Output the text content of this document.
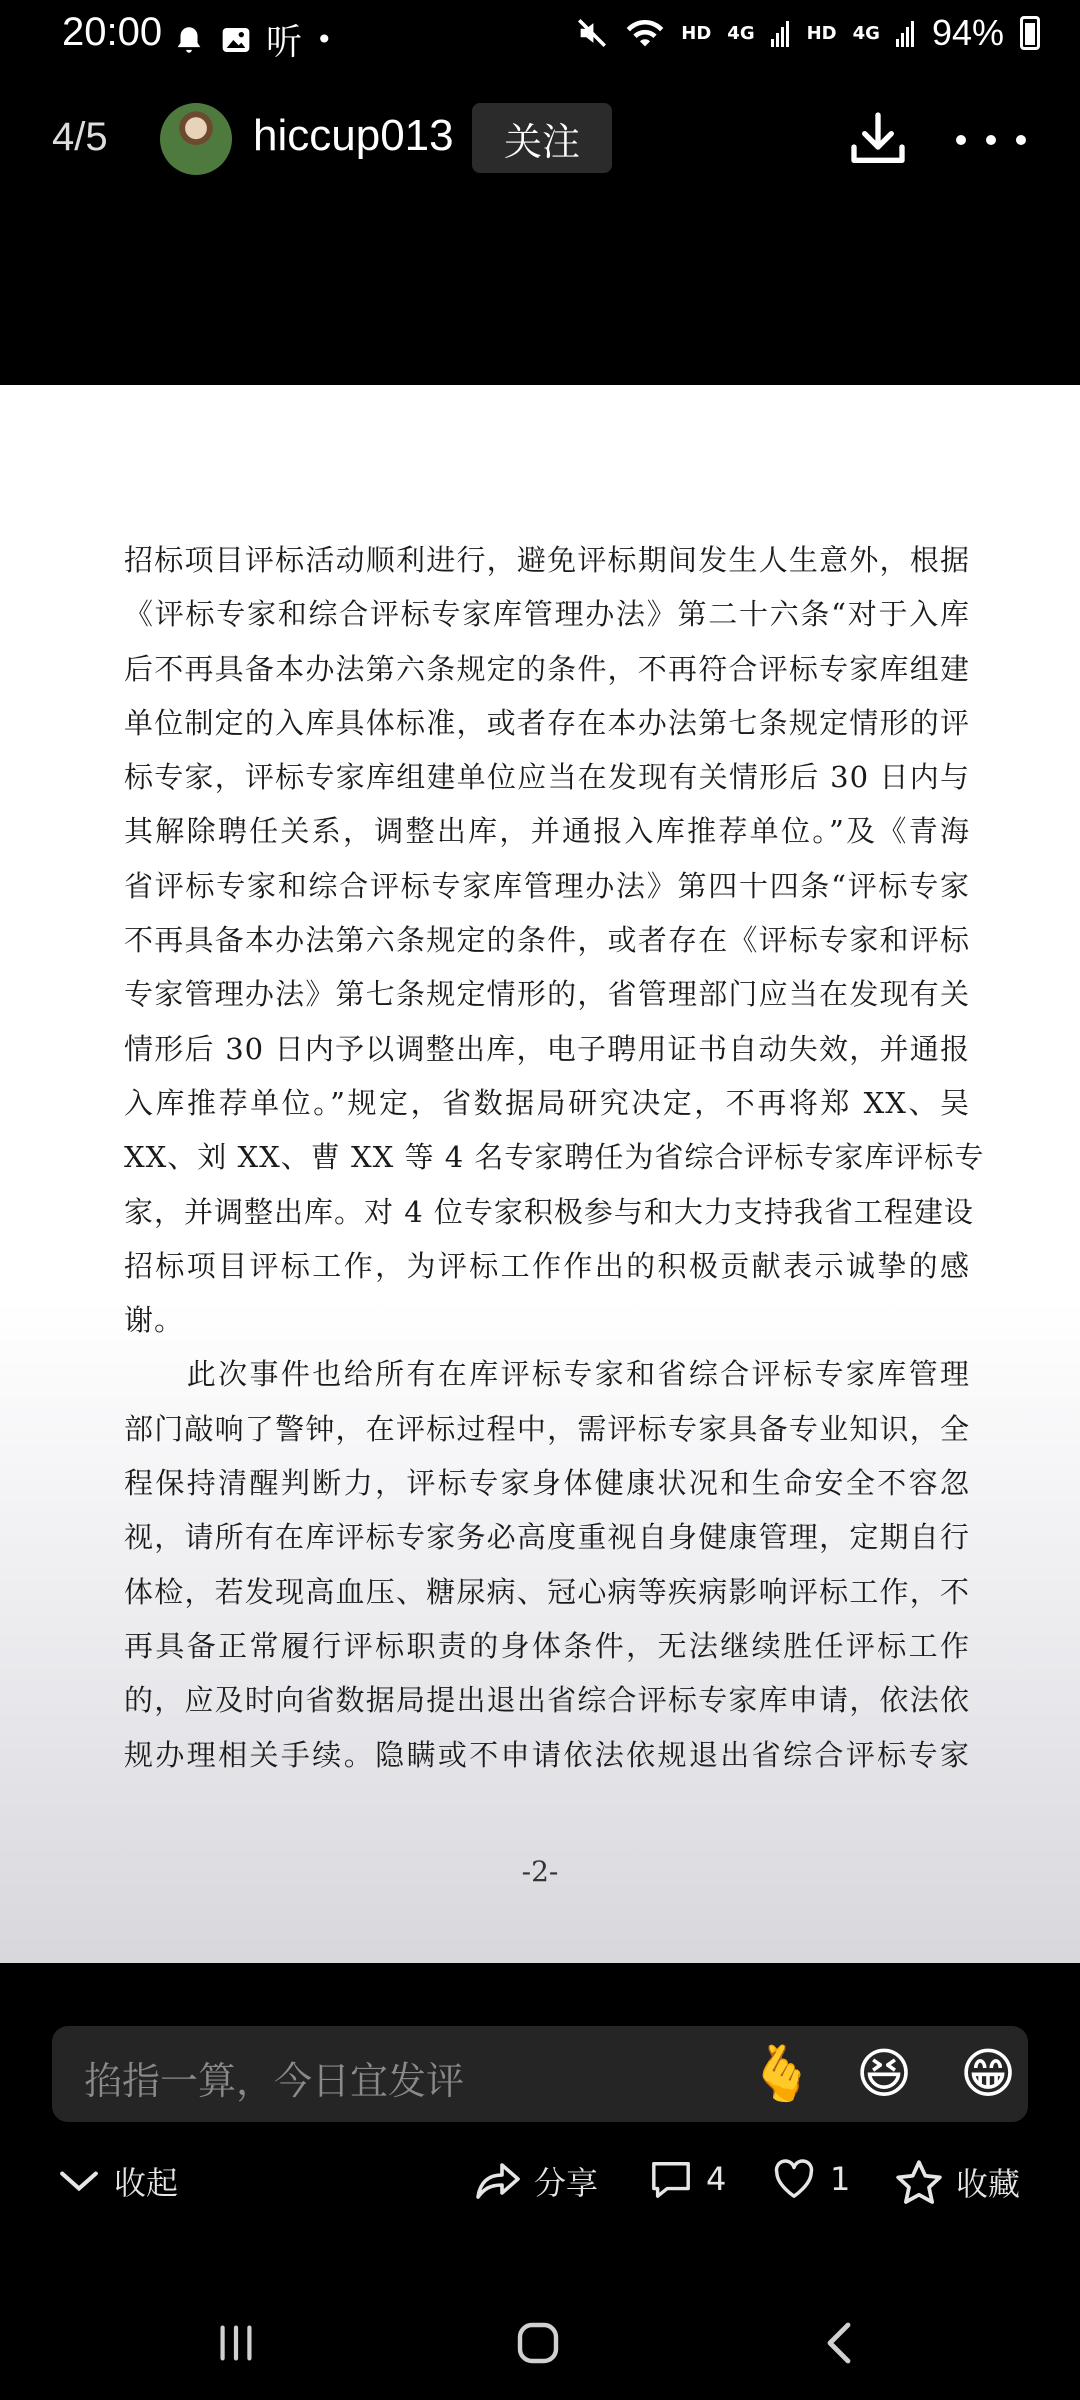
20:00	听 •	HD 4G	HD 4G 94%
4/5	hiccup013	关注
招标项目评标活动顺利进行，避免评标期间发生人生意外，根据
《评标专家和综合评标专家库管理办法》第二十六条“对于入库
后不再具备本办法第六条规定的条件，不再符合评标专家库组建
单位制定的入库具体标准，或者存在本办法第七条规定情形的评
标专家，评标专家库组建单位应当在发现有关情形后 30 日内与
其解除聘任关系，调整出库，并通报入库推荐单位。”及《青海
省评标专家和综合评标专家库管理办法》第四十四条“评标专家
不再具备本办法第六条规定的条件，或者存在《评标专家和评标
专家管理办法》第七条规定情形的，省管理部门应当在发现有关
情形后 30 日内予以调整出库，电子聘用证书自动失效，并通报
入库推荐单位。”规定，省数据局研究决定，不再将郑 XX、吴
XX、刘 XX、曹 XX 等 4 名专家聘任为省综合评标专家库评标专
家，并调整出库。对 4 位专家积极参与和大力支持我省工程建设
招标项目评标工作，为评标工作作出的积极贡献表示诚挚的感
谢。
　　此次事件也给所有在库评标专家和省综合评标专家库管理
部门敲响了警钟，在评标过程中，需评标专家具备专业知识，全
程保持清醒判断力，评标专家身体健康状况和生命安全不容忽
视，请所有在库评标专家务必高度重视自身健康管理，定期自行
体检，若发现高血压、糖尿病、冠心病等疾病影响评标工作，不
再具备正常履行评标职责的身体条件，无法继续胜任评标工作
的，应及时向省数据局提出退出省综合评标专家库申请，依法依
规办理相关手续。隐瞒或不申请依法依规退出省综合评标专家
-2-
掐指一算，今日宜发评	🫰 😆 😁
收起	分享	4	1	收藏
